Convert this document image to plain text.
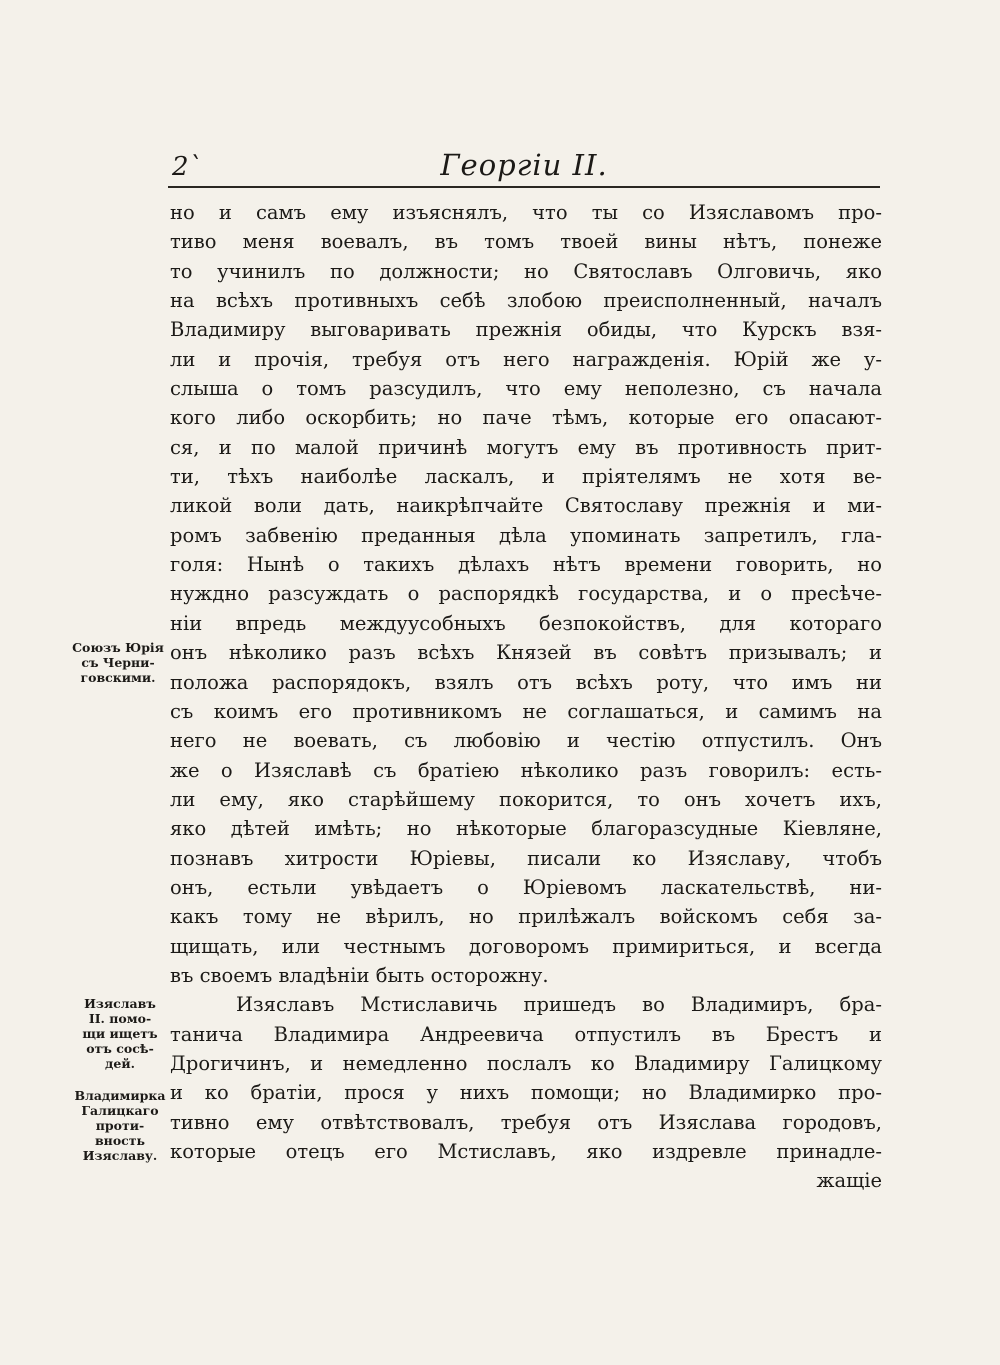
2`	Георгiи II.
но и самъ ему изъяснялъ, что ты со Изяславомъ про-
тиво меня воевалъ, въ томъ твоей вины нѣтъ, понеже
то учинилъ по должности; но Святославъ Олговичь, яко
на всѣхъ противныхъ себѣ злобою преисполненный, началъ
Владимиру выговаривать прежнiя обиды, что Курскъ взя-
ли и прочiя, требуя отъ него награжденiя. Юрiй же у-
слыша о томъ разсудилъ, что ему неполезно, съ начала
кого либо оскорбить; но паче тѣмъ, которые его опасают-
ся, и по малой причинѣ могутъ ему въ противность прит-
ти, тѣхъ наиболѣе ласкалъ, и прiятелямъ не хотя ве-
ликой воли дать, наикрѣпчайте Святославу прежнiя и ми-
ромъ забвенiю преданныя дѣла упоминать запретилъ, гла-
голя: Нынѣ о такихъ дѣлахъ нѣтъ времени говорить, но
нуждно разсуждать о распорядкѣ государства, и о пресѣче-
нiи впредь междуусобныхъ безпокойствъ, для котораго
онъ нѣколико разъ всѣхъ Князей въ совѣтъ призывалъ; и
положа распорядокъ, взялъ отъ всѣхъ роту, что имъ ни
съ коимъ его противникомъ не соглашаться, и самимъ на
него не воевать, съ любовiю и честiю отпустилъ. Онъ
же о Изяславѣ съ братiею нѣколико разъ говорилъ: есть-
ли ему, яко старѣйшему покорится, то онъ хочетъ ихъ,
яко дѣтей имѣть; но нѣкоторые благоразсудные Кiевляне,
познавъ хитрости Юрiевы, писали ко Изяславу, чтобъ
онъ, естьли увѣдаетъ о Юрiевомъ ласкательствѣ, ни-
какъ тому не вѣрилъ, но прилѣжалъ войскомъ себя за-
щищать, или честнымъ договоромъ примириться, и всегда
въ своемъ владѣнiи быть осторожну.
Изяславъ Мстиславичь пришедъ во Владимиръ, бра-
танича Владимира Андреевича отпустилъ въ Брестъ и
Дрогичинъ, и немедленно послалъ ко Владимиру Галицкому
и ко братiи, прося у нихъ помощи; но Владимирко про-
тивно ему отвѣтствовалъ, требуя отъ Изяслава городовъ,
которые отецъ его Мстиславъ, яко издревле принадле-
жащiе
Союзъ Юрiя
съ Черни-
говскими.
Изяславъ
II. помо-
щи ищетъ
отъ сосѣ-
дей.
Владимирка
Галицкаго
проти-
вность
Изяславу.
